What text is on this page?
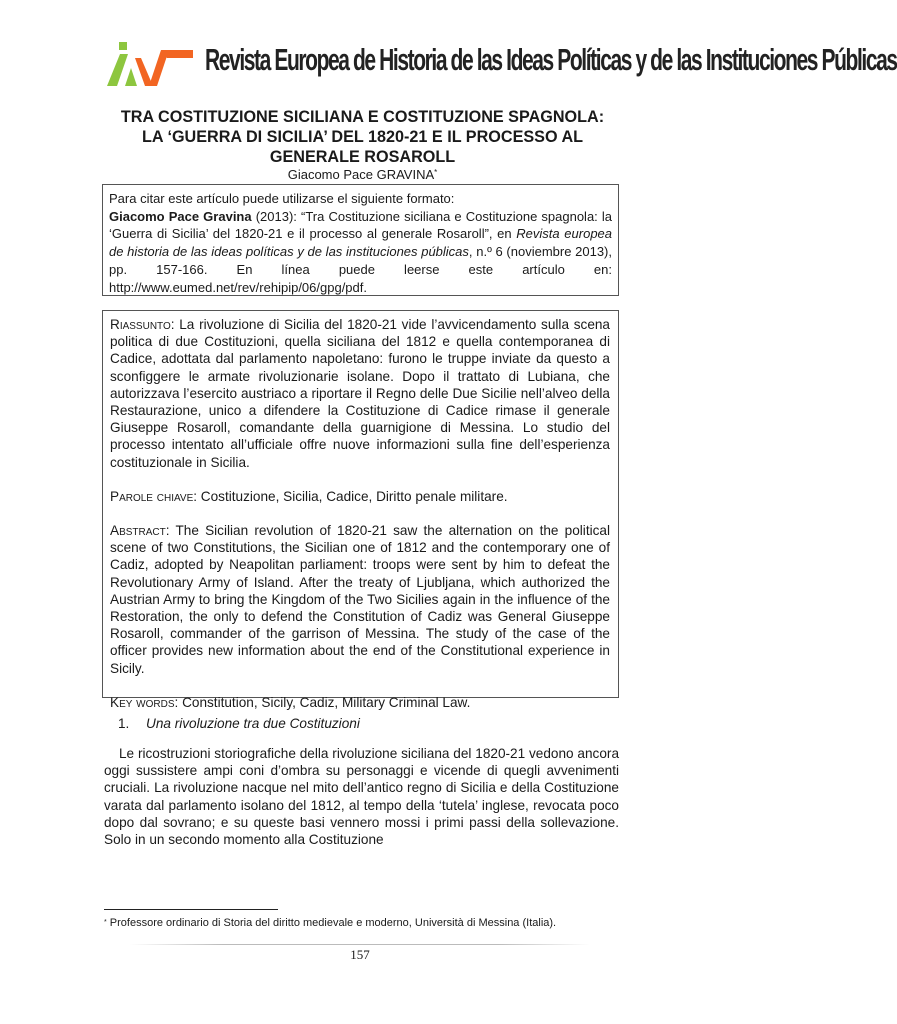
Revista Europea de Historia de las Ideas Políticas y de las Instituciones Públicas
TRA COSTITUZIONE SICILIANA E COSTITUZIONE SPAGNOLA:
LA ‘GUERRA DI SICILIA’ DEL 1820-21 E IL PROCESSO AL
GENERALE ROSAROLL
Giacomo Pace GRAVINA*

Para citar este artículo puede utilizarse el siguiente formato:

Giacomo Pace Gravina (2013): “Tra Costituzione siciliana e Costituzione spagnola: la ‘Guerra di Sicilia’ del 1820-21 e il processo al generale Rosaroll”, en Revista europea de historia de las ideas políticas y de las instituciones públicas, n.º 6 (noviembre 2013), pp. 157-166. En línea puede leerse este artículo en: http://www.eumed.net/rev/rehipip/06/gpg/pdf.

Riassunto: La rivoluzione di Sicilia del 1820-21 vide l’avvicendamento sulla scena politica di due Costituzioni, quella siciliana del 1812 e quella contemporanea di Cadice, adottata dal parlamento napoletano: furono le truppe inviate da questo a sconfiggere le armate rivoluzionarie isolane. Dopo il trattato di Lubiana, che autorizzava l’esercito austriaco a riportare il Regno delle Due Sicilie nell’alveo della Restaurazione, unico a difendere la Costituzione di Cadice rimase il generale Giuseppe Rosaroll, comandante della guarnigione di Messina. Lo studio del processo intentato all’ufficiale offre nuove informazioni sulla fine dell’esperienza costituzionale in Sicilia.

Parole chiave: Costituzione, Sicilia, Cadice, Diritto penale militare.

Abstract: The Sicilian revolution of 1820-21 saw the alternation on the political scene of two Constitutions, the Sicilian one of 1812 and the contemporary one of Cadiz, adopted by Neapolitan parliament: troops were sent by him to defeat the Revolutionary Army of Island. After the treaty of Ljubljana, which authorized the Austrian Army to bring the Kingdom of the Two Sicilies again in the influence of the Restoration, the only to defend the Constitution of Cadiz was General Giuseppe Rosaroll, commander of the garrison of Messina. The study of the case of the officer provides new information about the end of the Constitutional experience in Sicily.

Key words: Constitution, Sicily, Cadiz, Military Criminal Law.

1. Una rivoluzione tra due Costituzioni

Le ricostruzioni storiografiche della rivoluzione siciliana del 1820-21 vedono ancora oggi sussistere ampi coni d’ombra su personaggi e vicende di quegli avvenimenti cruciali. La rivoluzione nacque nel mito dell’antico regno di Sicilia e della Costituzione varata dal parlamento isolano del 1812, al tempo della ‘tutela’ inglese, revocata poco dopo dal sovrano; e su queste basi vennero mossi i primi passi della sollevazione. Solo in un secondo momento alla Costituzione

* Professore ordinario di Storia del diritto medievale e moderno, Università di Messina (Italia).
157
